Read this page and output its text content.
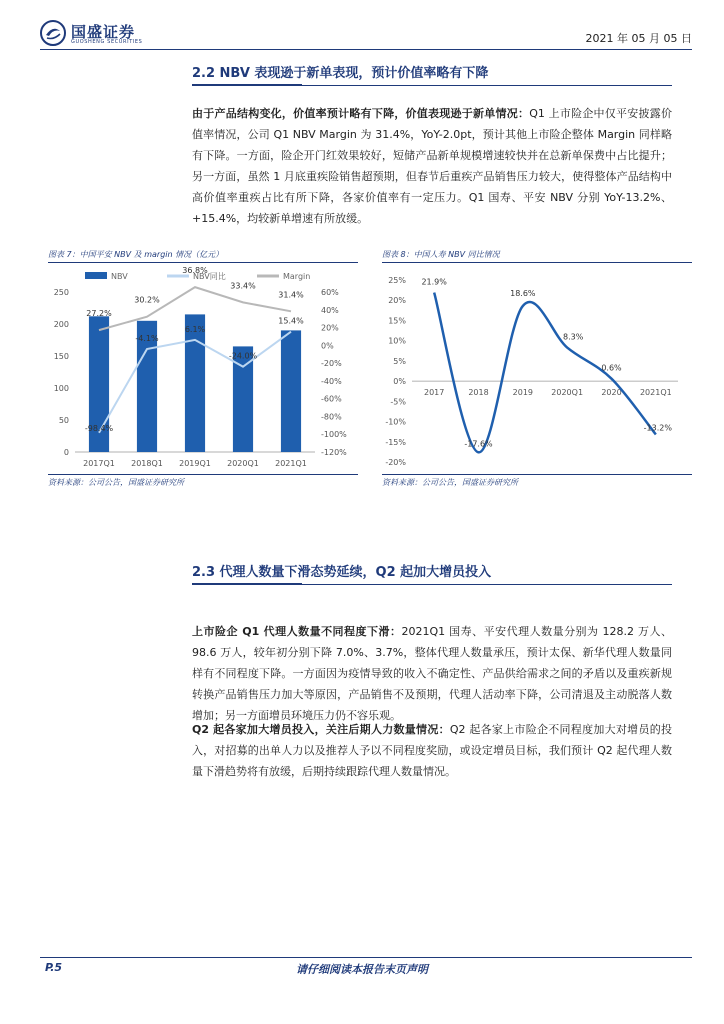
国盛证券
GUOSHENG SECURITIES	2021 年 05 月 05 日
2.2 NBV 表现逊于新单表现，预计价值率略有下降
由于产品结构变化，价值率预计略有下降，价值表现逊于新单情况：Q1 上市险企中仅平安披露价值率情况，公司 Q1 NBV Margin 为 31.4%，YoY-2.0pt，预计其他上市险企整体 Margin 同样略有下降。一方面，险企开门红效果较好，短储产品新单规模增速较快并在总新单保费中占比提升；另一方面，虽然 1 月底重疾险销售超预期，但春节后重疾产品销售压力较大，使得整体产品结构中高价值率重疾占比有所下降，各家价值率有一定压力。Q1 国寿、平安 NBV 分别 YoY-13.2%、+15.4%，均较新单增速有所放缓。
图表 7：中国平安 NBV 及 margin 情况（亿元）
NBV	NBV同比	Margin
250
200
150
100
50
0
60%
40%
20%
0%
-20%
-40%
-60%
-80%
-100%
-120%
2017Q1 2018Q1 2019Q1 2020Q1 2021Q1
27.2%
30.2%
36.8%
33.4%
31.4%
-98.4%
-4.1%
6.1%
-24.0%
15.4%
资料来源：公司公告，国盛证券研究所
图表 8：中国人寿 NBV 同比情况
25%
20%
15%
10%
5%
0%
-5%
-10%
-15%
-20%
2017	2018	2019 2020Q1 2020 2021Q1
21.9%
-17.6%
18.6%
8.3%
0.6%
-13.2%
资料来源：公司公告，国盛证券研究所
2.3 代理人数量下滑态势延续，Q2 起加大增员投入
上市险企 Q1 代理人数量不同程度下滑：2021Q1 国寿、平安代理人数量分别为 128.2 万人、98.6 万人，较年初分别下降 7.0%、3.7%，整体代理人数量承压，预计太保、新华代理人数量同样有不同程度下降。一方面因为疫情导致的收入不确定性、产品供给需求之间的矛盾以及重疾新规转换产品销售压力加大等原因，产品销售不及预期，代理人活动率下降，公司清退及主动脱落人数增加；另一方面增员环境压力仍不容乐观。
Q2 起各家加大增员投入，关注后期人力数量情况：Q2 起各家上市险企不同程度加大对增员的投入，对招募的出单人力以及推荐人予以不同程度奖励，或设定增员目标，我们预计 Q2 起代理人数量下滑趋势将有放缓，后期持续跟踪代理人数量情况。
P.5	请仔细阅读本报告末页声明
